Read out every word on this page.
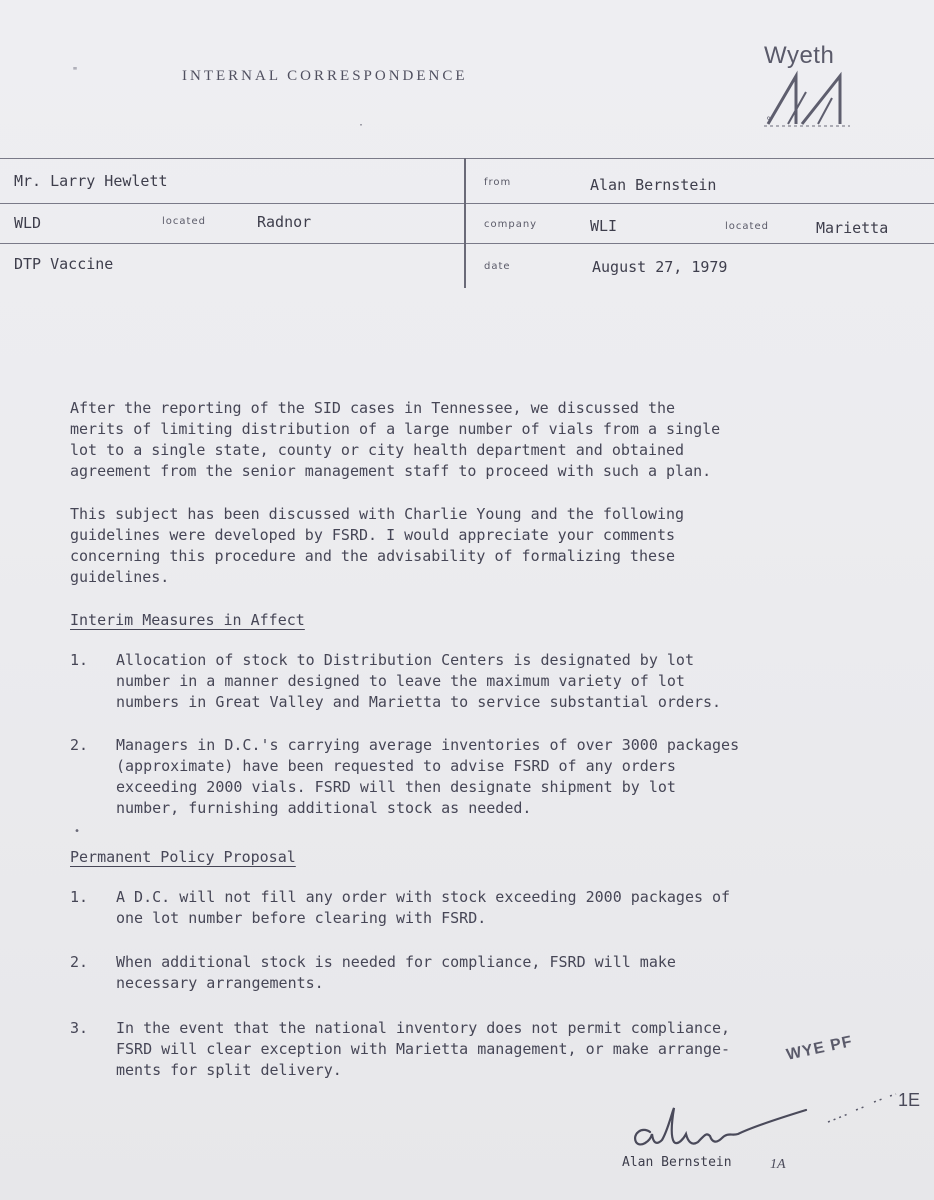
"	INTERNAL CORRESPONDENCE
Wyeth
°
Mr. Larry Hewlett	from	Alan Bernstein
WLD	located	Radnor	company	WLI	located	Marietta
DTP Vaccine	date	August 27, 1979
After the reporting of the SID cases in Tennessee, we discussed the
merits of limiting distribution of a large number of vials from a single
lot to a single state, county or city health department and obtained
agreement from the senior management staff to proceed with such a plan.
This subject has been discussed with Charlie Young and the following
guidelines were developed by FSRD. I would appreciate your comments
concerning this procedure and the advisability of formalizing these
guidelines.
Interim Measures in Affect
1.	Allocation of stock to Distribution Centers is designated by lot
number in a manner designed to leave the maximum variety of lot
numbers in Great Valley and Marietta to service substantial orders.
2.	Managers in D.C.'s carrying average inventories of over 3000 packages
(approximate) have been requested to advise FSRD of any orders
exceeding 2000 vials. FSRD will then designate shipment by lot
number, furnishing additional stock as needed.
Permanent Policy Proposal
1.	A D.C. will not fill any order with stock exceeding 2000 packages of
one lot number before clearing with FSRD.
2.	When additional stock is needed for compliance, FSRD will make
necessary arrangements.
3.	In the event that the national inventory does not permit compliance,
FSRD will clear exception with Marietta management, or make arrange-
ments for split delivery.
WYE PF
1E
1A
Alan Bernstein
•
·
